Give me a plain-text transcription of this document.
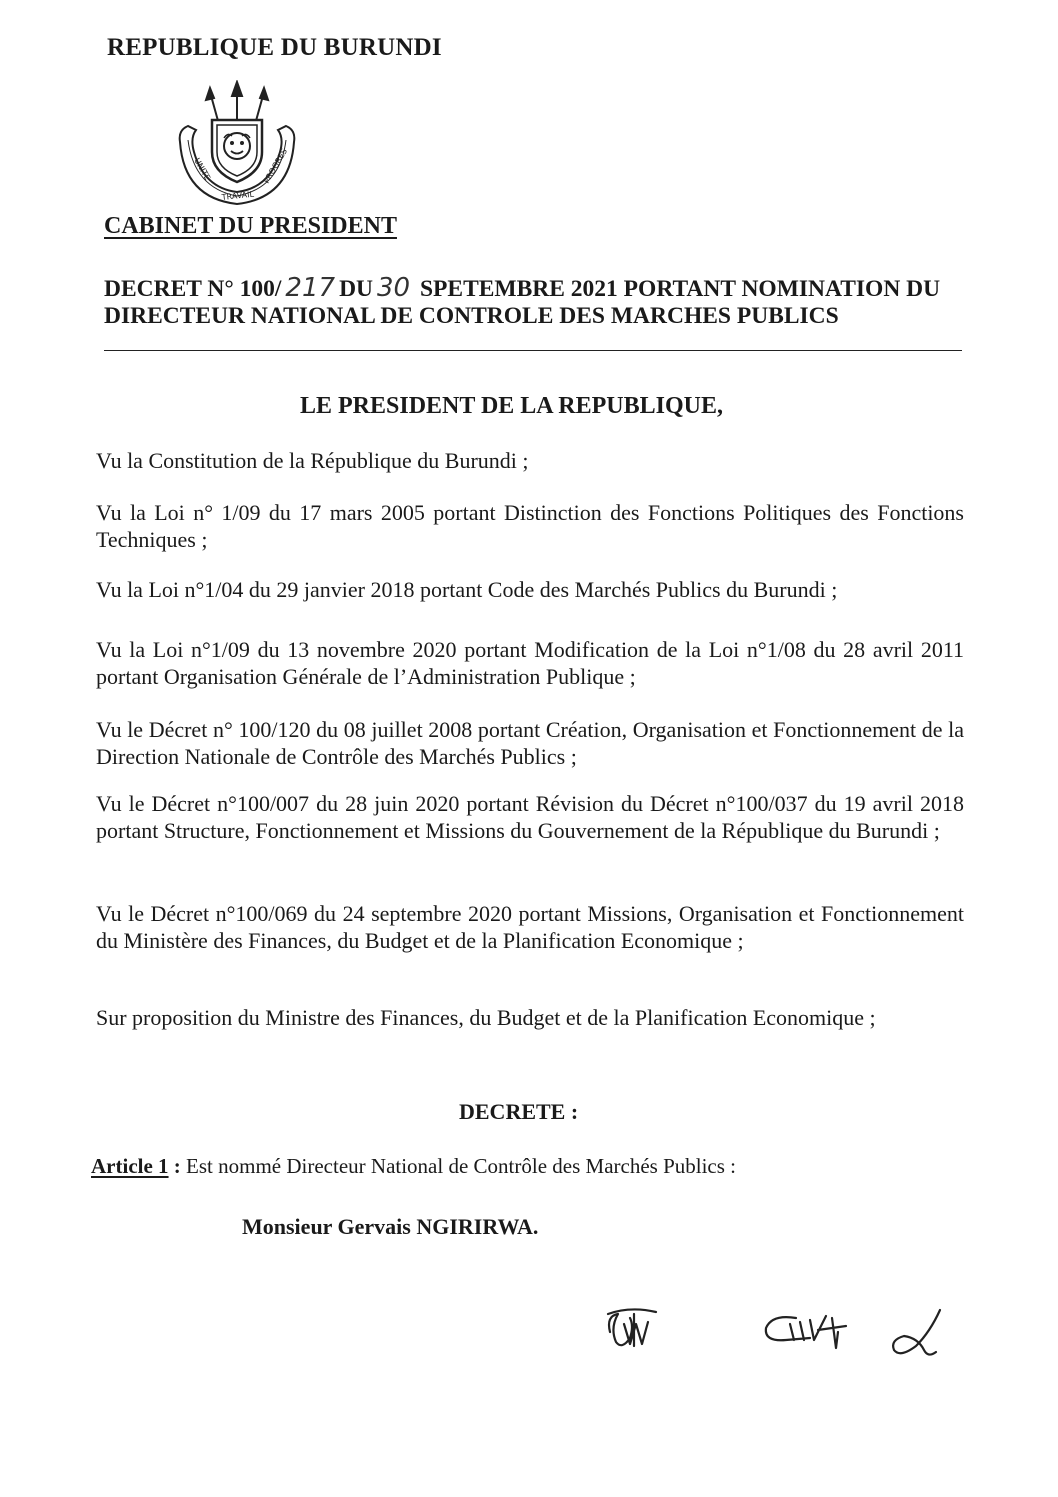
REPUBLIQUE DU BURUNDI
UNITE
TRAVAIL
PROGRES
CABINET DU PRESIDENT
DECRET N° 100/ 217 DU 30 SPETEMBRE 2021 PORTANT NOMINATION DU DIRECTEUR NATIONAL DE CONTROLE DES MARCHES PUBLICS
LE PRESIDENT DE LA REPUBLIQUE,
Vu la Constitution de la République du Burundi ;
Vu la Loi n° 1/09 du 17 mars 2005 portant Distinction des Fonctions Politiques des Fonctions Techniques ;
Vu la Loi n°1/04 du 29 janvier 2018 portant Code des Marchés Publics du Burundi ;
Vu la Loi n°1/09 du 13 novembre 2020 portant Modification de la Loi n°1/08 du 28 avril 2011 portant Organisation Générale de l’Administration Publique ;
Vu le Décret n° 100/120 du 08 juillet 2008 portant Création, Organisation et Fonctionnement de la Direction Nationale de Contrôle des Marchés Publics ;
Vu le Décret n°100/007 du 28 juin 2020 portant Révision du Décret n°100/037 du 19 avril 2018 portant Structure, Fonctionnement et Missions du Gouvernement de la République du Burundi ;
Vu le Décret n°100/069 du 24 septembre 2020 portant Missions, Organisation et Fonctionnement du Ministère des Finances, du Budget et de la Planification Economique ;
Sur proposition du Ministre des Finances, du Budget et de la Planification Economique ;
DECRETE :
Article 1 : Est nommé Directeur National de Contrôle des Marchés Publics :
Monsieur Gervais NGIRIRWA.
